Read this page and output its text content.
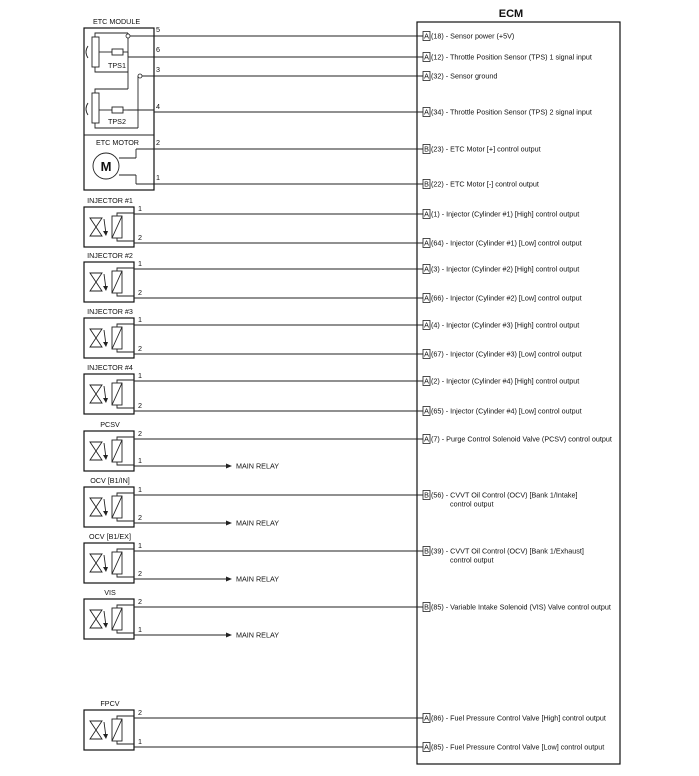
ECM
ETC MODULE
TPS1
TPS2
ETC MOTOR
M
5
6
3
4
2
1
INJECTOR #1
1
2
INJECTOR #2
1
2
INJECTOR #3
1
2
INJECTOR #4
1
2
PCSV
2
1
MAIN RELAY
OCV [B1/IN]
1
2
MAIN RELAY
OCV [B1/EX]
1
2
MAIN RELAY
VIS
2
1
MAIN RELAY
FPCV
2
1
A (18) - Sensor power (+5V)
A (12) - Throttle Position Sensor (TPS) 1 signal input
A (32) - Sensor ground
A (34) - Throttle Position Sensor (TPS) 2 signal input
B (23) - ETC Motor [+] control output
B (22) - ETC Motor [-] control output
A (1) - Injector (Cylinder #1) [High] control output
A (64) - Injector (Cylinder #1) [Low] control output
A (3) - Injector (Cylinder #2) [High] control output
A (66) - Injector (Cylinder #2) [Low] control output
A (4) - Injector (Cylinder #3) [High] control output
A (67) - Injector (Cylinder #3) [Low] control output
A (2) - Injector (Cylinder #4) [High] control output
A (65) - Injector (Cylinder #4) [Low] control output
A (7) - Purge Control Solenoid Valve (PCSV) control output
B (56) - CVVT Oil Control (OCV) [Bank 1/Intake]
control output
B (39) - CVVT Oil Control (OCV) [Bank 1/Exhaust]
control output
B (85) - Variable Intake Solenoid (VIS) Valve control output
A (86) - Fuel Pressure Control Valve [High] control output
A (85) - Fuel Pressure Control Valve [Low] control output
